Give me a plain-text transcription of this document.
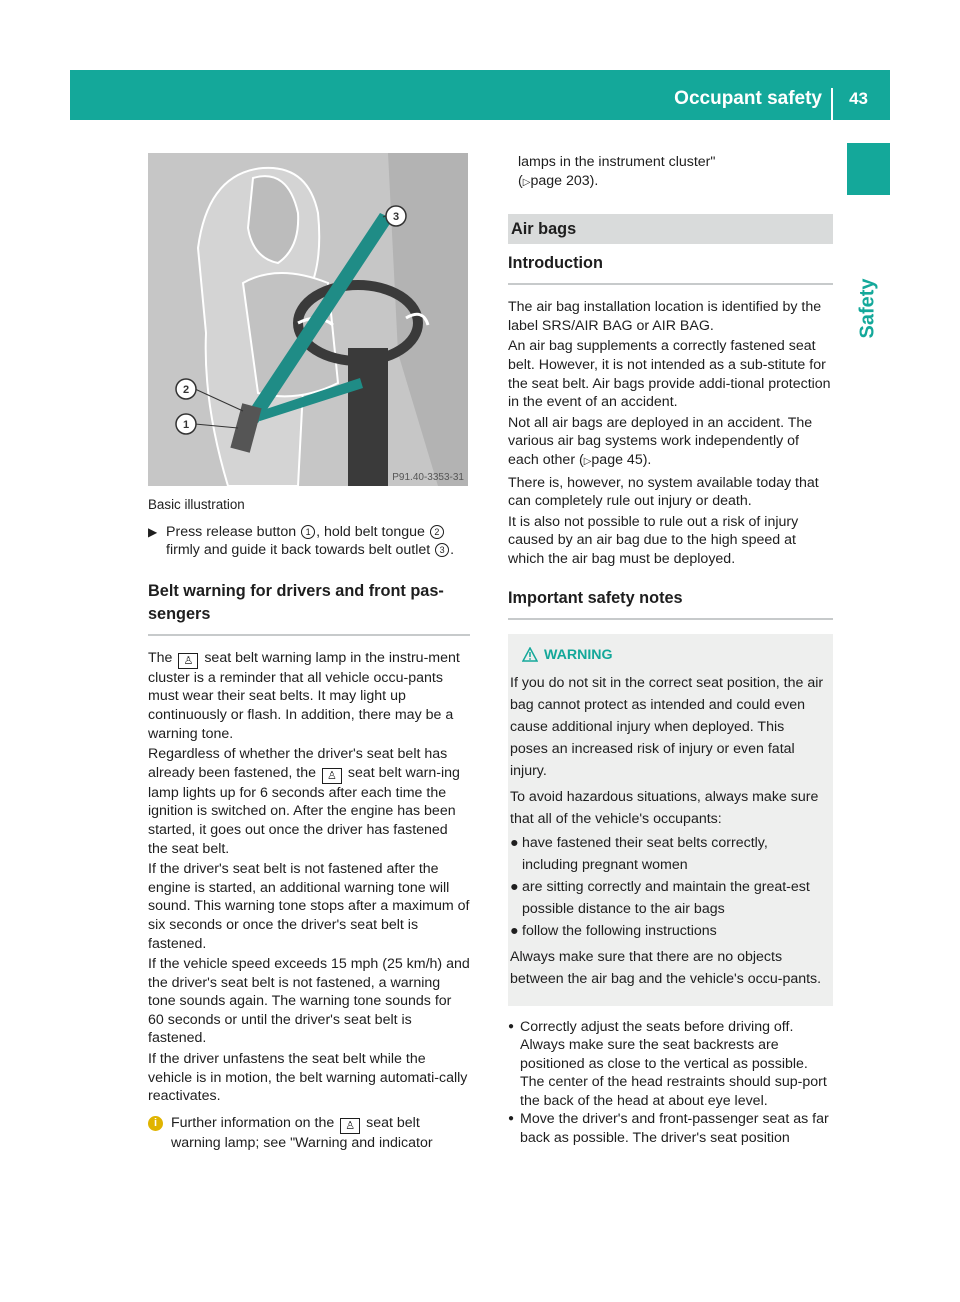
Occupant safety 43
Safety
3
2
1
P91.40-3353-31
Basic illustration
▶ Press release button 1 , hold belt tongue 2 firmly and guide it back towards belt outlet 3 .
Belt warning for drivers and front pas-sengers

The ♙ seat belt warning lamp in the instru-ment cluster is a reminder that all vehicle occu-pants must wear their seat belts. It may light up continuously or flash. In addition, there may be a warning tone.

Regardless of whether the driver's seat belt has already been fastened, the ♙ seat belt warn-ing lamp lights up for 6 seconds after each time the ignition is switched on. After the engine has been started, it goes out once the driver has fastened the seat belt.

If the driver's seat belt is not fastened after the engine is started, an additional warning tone will sound. This warning tone stops after a maximum of six seconds or once the driver's seat belt is fastened.

If the vehicle speed exceeds 15 mph (25 km/h) and the driver's seat belt is not fastened, a warning tone sounds again. The warning tone sounds for 60 seconds or until the driver's seat belt is fastened.

If the driver unfastens the seat belt while the vehicle is in motion, the belt warning automati-cally reactivates.

i Further information on the ♙ seat belt warning lamp; see "Warning and indicator
lamps in the instrument cluster"
(▷page 203).
Air bags
Introduction

The air bag installation location is identified by the label SRS/AIR BAG or AIR BAG.

An air bag supplements a correctly fastened seat belt. However, it is not intended as a sub-stitute for the seat belt. Air bags provide addi-tional protection in the event of an accident.

Not all air bags are deployed in an accident. The various air bag systems work independently of each other (▷page 45).

There is, however, no system available today that can completely rule out injury or death.

It is also not possible to rule out a risk of injury caused by an air bag due to the high speed at which the air bag must be deployed.

Important safety notes
WARNING

If you do not sit in the correct seat position, the air bag cannot protect as intended and could even cause additional injury when deployed. This poses an increased risk of injury or even fatal injury.

To avoid hazardous situations, always make sure that all of the vehicle's occupants:

● have fastened their seat belts correctly, including pregnant women
● are sitting correctly and maintain the great-est possible distance to the air bags
● follow the following instructions

Always make sure that there are no objects between the air bag and the vehicle's occu-pants.

● Correctly adjust the seats before driving off. Always make sure the seat backrests are positioned as close to the vertical as possible. The center of the head restraints should sup-port the back of the head at about eye level.
● Move the driver's and front-passenger seat as far back as possible. The driver's seat position
